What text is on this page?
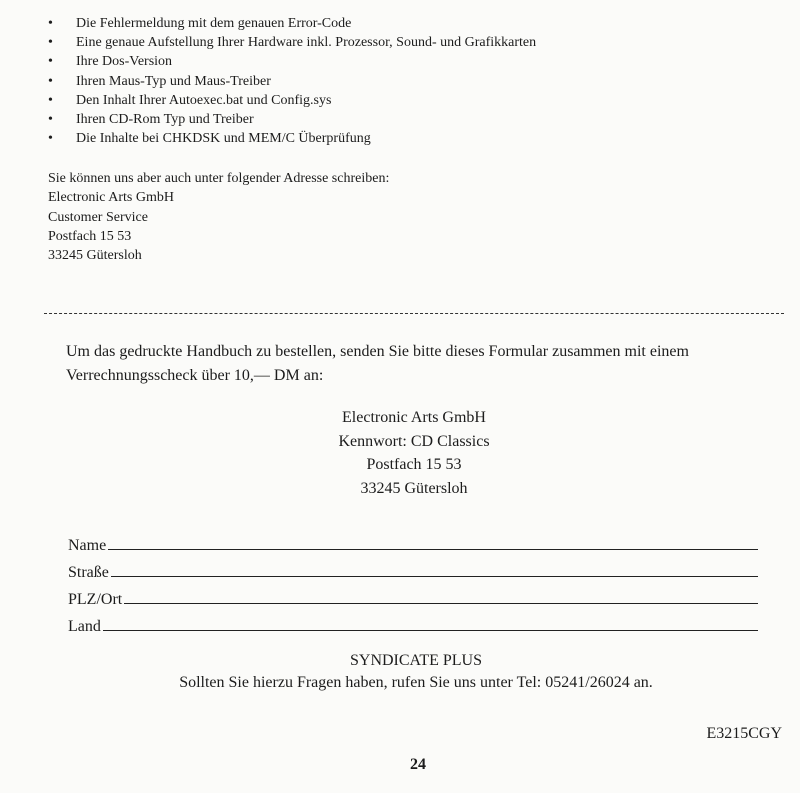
• Die Fehlermeldung mit dem genauen Error-Code
• Eine genaue Aufstellung Ihrer Hardware inkl. Prozessor, Sound- und Grafikkarten
• Ihre Dos-Version
• Ihren Maus-Typ und Maus-Treiber
• Den Inhalt Ihrer Autoexec.bat und Config.sys
• Ihren CD-Rom Typ und Treiber
• Die Inhalte bei CHKDSK und MEM/C Überprüfung
Sie können uns aber auch unter folgender Adresse schreiben:
Electronic Arts GmbH
Customer Service
Postfach 15 53
33245 Gütersloh
Um das gedruckte Handbuch zu bestellen, senden Sie bitte dieses Formular zusammen mit einem
Verrechnungsscheck über 10,— DM an:
Electronic Arts GmbH
Kennwort: CD Classics
Postfach 15 53
33245 Gütersloh
Name
Straße
PLZ/Ort
Land
SYNDICATE PLUS
Sollten Sie hierzu Fragen haben, rufen Sie uns unter Tel: 05241/26024 an.
E3215CGY
24
